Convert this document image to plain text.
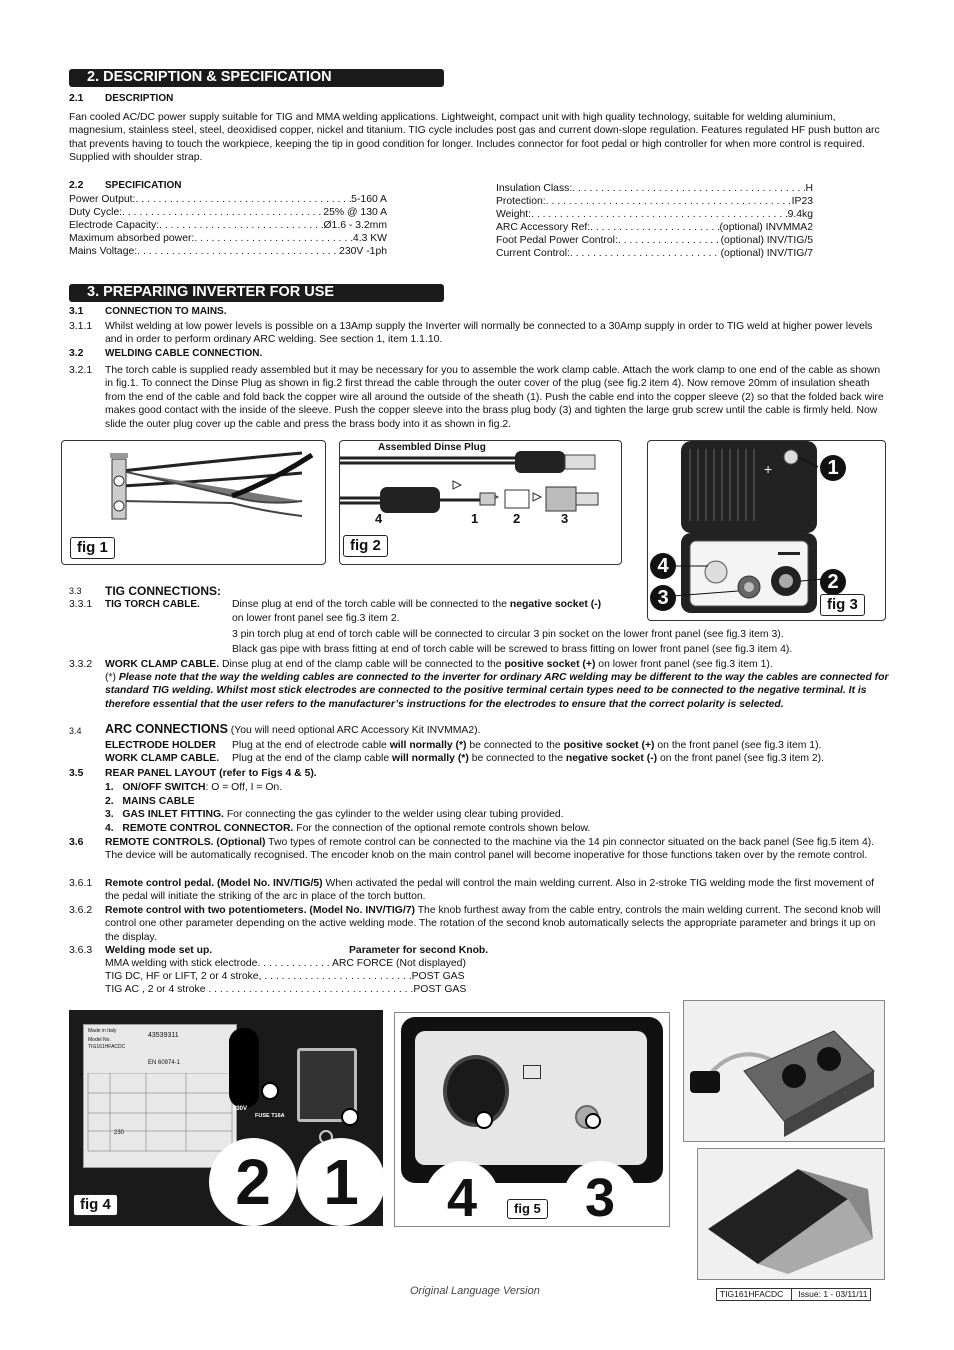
2. DESCRIPTION & SPECIFICATION
2.1 DESCRIPTION
Fan cooled AC/DC power supply suitable for TIG and MMA welding applications. Lightweight, compact unit with high quality technology, suitable for welding aluminium, magnesium, stainless steel, steel, deoxidised copper, nickel and titanium. TIG cycle includes post gas and current down-slope regulation. Features regulated HF push button arc that prevents having to touch the workpiece, keeping the tip in good condition for longer. Includes connector for foot pedal or high controller for when more control is required. Supplied with shoulder strap.
2.2 SPECIFICATION
Power Output: . . .	5-160 A
Duty Cycle: . . .	25% @ 130 A
Electrode Capacity: . . .	Ø1.6 - 3.2mm
Maximum absorbed power: . . .	4.3 KW
Mains Voltage: . . .	230V -1ph
Insulation Class: . . .	H
Protection: . . .	IP23
Weight: . . .	9.4kg
ARC Accessory Ref: . . .	(optional) INVMMA2
Foot Pedal Power Control: . . .	(optional) INV/TIG/5
Current Control: . . .	(optional) INV/TIG/7
3. PREPARING INVERTER FOR USE
3.1 CONNECTION TO MAINS.
3.1.1 Whilst welding at low power levels is possible on a 13Amp supply the Inverter will normally be connected to a 30Amp supply in order to TIG weld at higher power levels and in order to perform ordinary ARC welding. See section 1, item 1.1.10.
3.2 WELDING CABLE CONNECTION.
3.2.1 The torch cable is supplied ready assembled but it may be necessary for you to assemble the work clamp cable. Attach the work clamp to one end of the cable as shown in fig.1. To connect the Dinse Plug as shown in fig.2 first thread the cable through the outer cover of the plug (see fig.2 item 4). Now remove 20mm of insulation sheath from the end of the cable and fold back the copper wire all around the outside of the sheath (1). Push the cable end into the copper sleeve (2) so that the folded back wire makes good contact with the inside of the sleeve. Push the copper sleeve into the brass plug body (3) and tighten the large grub screw until the cable is firmly held. Now slide the outer plug cover up the cable and press the brass body into it as shown in fig.2.
fig 1
Assembled Dinse Plug
4	1	2	3
fig 2
+	1
2
3
4
fig 3
3.3 TIG CONNECTIONS:
3.3.1 TIG TORCH CABLE.	Dinse plug at end of the torch cable will be connected to the negative socket (-)
on lower front panel see fig.3 item 2.
3 pin torch plug at end of torch cable will be connected to circular 3 pin socket on the lower front panel (see fig.3 item 3).
Black gas pipe with brass fitting at end of torch cable will be screwed to brass fitting on lower front panel (see fig.3 item 4).
3.3.2 WORK CLAMP CABLE. Dinse plug at end of the clamp cable will be connected to the positive socket (+) on lower front panel (see fig.3 item 1).
(*) Please note that the way the welding cables are connected to the inverter for ordinary ARC welding may be different to the way the cables are connected for standard TIG welding. Whilst most stick electrodes are connected to the positive terminal certain types need to be connected to the negative terminal. It is therefore essential that the user refers to the manufacturer’s instructions for the electrodes to ensure that the correct polarity is selected.
3.4 ARC CONNECTIONS (You will need optional ARC Accessory Kit INVMMA2).
ELECTRODE HOLDER Plug at the end of electrode cable will normally (*) be connected to the positive socket (+) on the front panel (see fig.3 item 1).
WORK CLAMP CABLE. Plug at the end of the clamp cable will normally (*) be connected to the negative socket (-) on the front panel (see fig.3 item 2).
3.5 REAR PANEL LAYOUT (refer to Figs 4 & 5).
1. ON/OFF SWITCH: O = Off, I = On.
2. MAINS CABLE
3. GAS INLET FITTING. For connecting the gas cylinder to the welder using clear tubing provided.
4. REMOTE CONTROL CONNECTOR. For the connection of the optional remote controls shown below.
3.6 REMOTE CONTROLS. (Optional) Two types of remote control can be connected to the machine via the 14 pin connector situated on the back panel (See fig.5 item 4). The device will be automatically recognised. The encoder knob on the main control panel will become inoperative for those functions taken over by the remote control.
3.6.1 Remote control pedal. (Model No. INV/TIG/5) When activated the pedal will control the main welding current. Also in 2-stroke TIG welding mode the first movement of the pedal will initiate the striking of the arc in place of the torch button.
3.6.2 Remote control with two potentiometers. (Model No. INV/TIG/7) The knob furthest away from the cable entry, controls the main welding current. The second knob will control one other parameter depending on the active welding mode. The rotation of the second knob automatically selects the appropriate parameter and brings it up on the display.
3.6.3 Welding mode set up.	Parameter for second Knob.
MMA welding with stick electrode. . . . . . . . . . . . . ARC FORCE (Not displayed)
TIG DC, HF or LIFT, 2 or 4 stroke, . . . . . . . . . . . . . . . . . . . . . . . . . .POST GAS
TIG AC , 2 or 4 stroke . . . . . . . . . . . . . . . . . . . . . . . . . . . . . . . . . . . .POST GAS
Made in Italy
Model No.
TIG161HFACDC
43539311
EN 60974-1
230
230V
FUSE T16A
2 1
fig 4	4	3
fig 5
Original Language Version	TIG161HFACDC	Issue: 1 - 03/11/11
